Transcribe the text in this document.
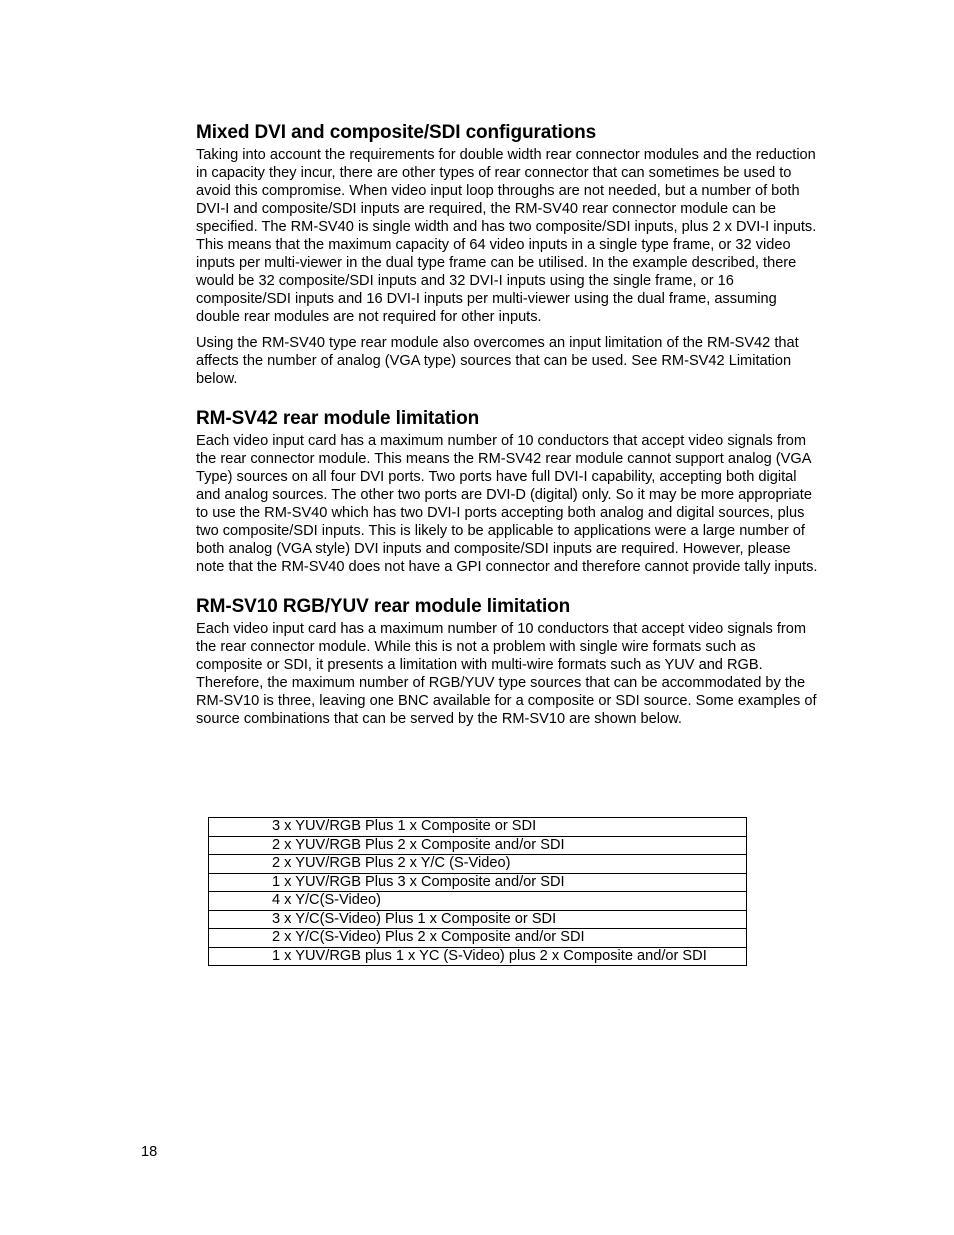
Mixed DVI and composite/SDI configurations

Taking into account the requirements for double width rear connector modules and the reduction in capacity they incur, there are other types of rear connector that can sometimes be used to avoid this compromise. When video input loop throughs are not needed, but a number of both DVI-I and composite/SDI inputs are required, the RM-SV40 rear connector module can be specified. The RM-SV40 is single width and has two composite/SDI inputs, plus 2 x DVI-I inputs. This means that the maximum capacity of 64 video inputs in a single type frame, or 32 video inputs per multi-viewer in the dual type frame can be utilised. In the example described, there would be 32 composite/SDI inputs and 32 DVI-I inputs using the single frame, or 16 composite/SDI inputs and 16 DVI-I inputs per multi-viewer using the dual frame, assuming double rear modules are not required for other inputs.

Using the RM-SV40 type rear module also overcomes an input limitation of the RM-SV42 that affects the number of analog (VGA type) sources that can be used. See RM-SV42 Limitation below.

RM-SV42 rear module limitation

Each video input card has a maximum number of 10 conductors that accept video signals from the rear connector module. This means the RM-SV42 rear module cannot support analog (VGA Type) sources on all four DVI ports. Two ports have full DVI-I capability, accepting both digital and analog sources. The other two ports are DVI-D (digital) only. So it may be more appropriate to use the RM-SV40 which has two DVI-I ports accepting both analog and digital sources, plus two composite/SDI inputs. This is likely to be applicable to applications were a large number of both analog (VGA style) DVI inputs and composite/SDI inputs are required. However, please note that the RM-SV40 does not have a GPI connector and therefore cannot provide tally inputs.

RM-SV10 RGB/YUV rear module limitation

Each video input card has a maximum number of 10 conductors that accept video signals from the rear connector module. While this is not a problem with single wire formats such as composite or SDI, it presents a limitation with multi-wire formats such as YUV and RGB. Therefore, the maximum number of RGB/YUV type sources that can be accommodated by the RM-SV10 is three, leaving one BNC available for a composite or SDI source. Some examples of source combinations that can be served by the RM-SV10 are shown below.

3 x YUV/RGB Plus 1 x Composite or SDI
2 x YUV/RGB Plus 2 x Composite and/or SDI
2 x YUV/RGB Plus 2 x Y/C (S-Video)
1 x YUV/RGB Plus 3 x Composite and/or SDI
4 x Y/C(S-Video)
3 x Y/C(S-Video) Plus 1 x Composite or SDI
2 x Y/C(S-Video) Plus 2 x Composite and/or SDI
1 x YUV/RGB plus 1 x YC (S-Video) plus 2 x Composite and/or SDI
18
